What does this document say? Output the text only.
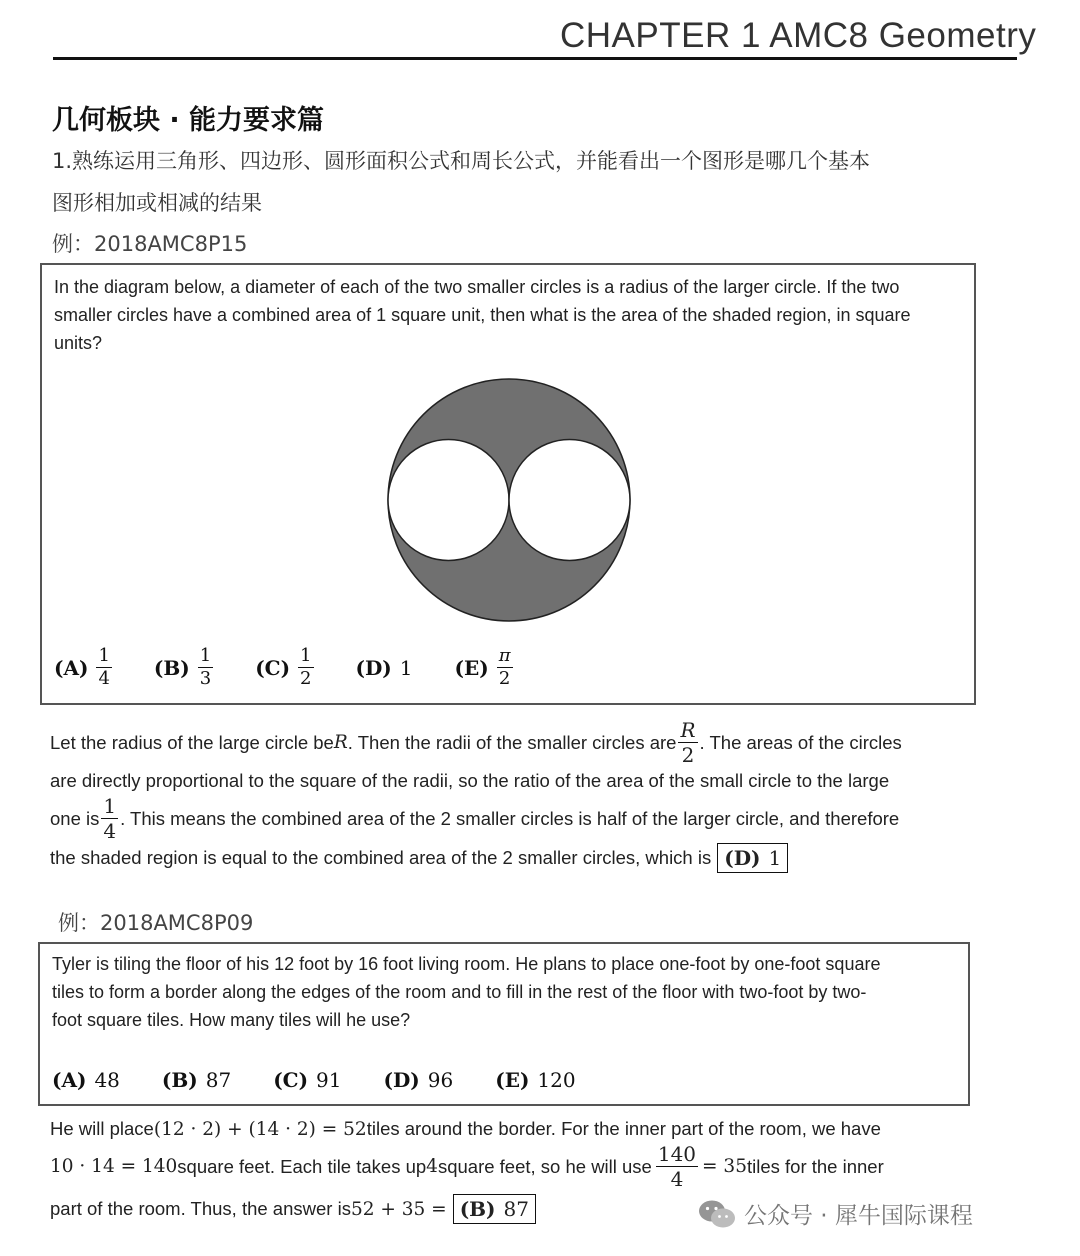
CHAPTER 1 AMC8 Geometry
几何板块 · 能力要求篇
1.熟练运用三角形、四边形、圆形面积公式和周长公式，并能看出一个图形是哪几个基本
图形相加或相减的结果
例：2018AMC8P15
In the diagram below, a diameter of each of the two smaller circles is a radius of the larger circle. If the two
smaller circles have a combined area of 1 square unit, then what is the area of the shaded region, in square
units?
$(A) \frac{1}{4} (B) \frac{1}{3} (C) \frac{1}{2} (D)$ 1 $(E) \frac{\pi}{2}$
Let the radius of the large circle be R . Then the radii of the smaller circles are $\frac{R}{2}$ . The areas of the circles
are directly proportional to the square of the radii, so the ratio of the area of the small circle to the large
one is $\frac{1}{4}$ . This means the combined area of the 2 smaller circles is half of the larger circle, and therefore
the shaded region is equal to the combined area of the 2 smaller circles, which is (D) 1
例：2018AMC8P09
Tyler is tiling the floor of his 12 foot by 16 foot living room. He plans to place one-foot by one-foot square
tiles to form a border along the edges of the room and to fill in the rest of the floor with two-foot by two-
foot square tiles. How many tiles will he use?
(A) 48 (B) 87 (C) 91 (D) 96 (E) 120
He will place (12 · 2) + (14 · 2) = 52 tiles around the border. For the inner part of the room, we have
10 · 14 = 140 square feet. Each tile takes up 4 square feet, so he will use $\frac{140}{4} = 35$ tiles for the inner
part of the room. Thus, the answer is 52 + 35 = (B) 87	公众号 · 犀牛国际课程
